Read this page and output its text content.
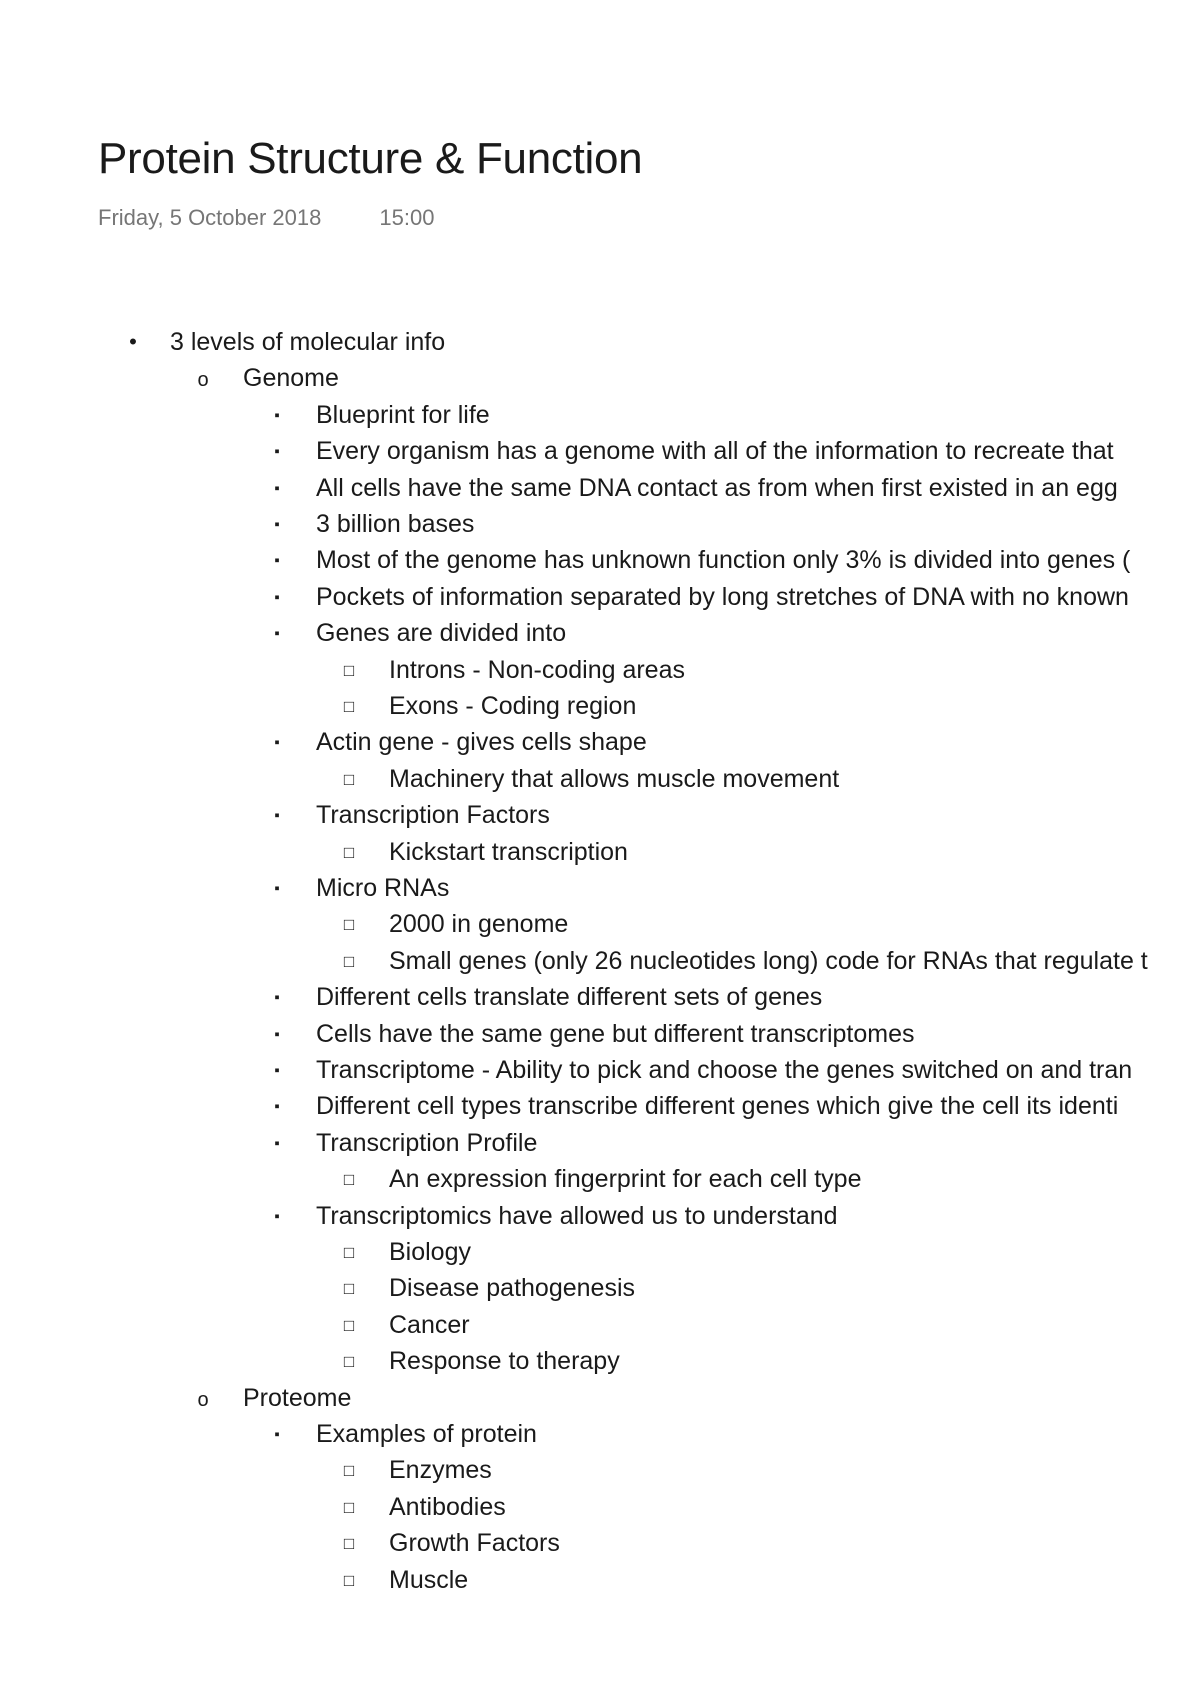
Protein Structure & Function
Friday, 5 October 2018	15:00
•	3 levels of molecular info
o	Genome
▪	Blueprint for life
▪	Every organism has a genome with all of the information to recreate that
▪	All cells have the same DNA contact as from when first existed in an egg
▪	3 billion bases
▪	Most of the genome has unknown function only 3% is divided into genes (
▪	Pockets of information separated by long stretches of DNA with no known
▪	Genes are divided into
□	Introns - Non-coding areas
□	Exons - Coding region
▪	Actin gene - gives cells shape
□	Machinery that allows muscle movement
▪	Transcription Factors
□	Kickstart transcription
▪	Micro RNAs
□	2000 in genome
□	Small genes (only 26 nucleotides long) code for RNAs that regulate t
▪	Different cells translate different sets of genes
▪	Cells have the same gene but different transcriptomes
▪	Transcriptome - Ability to pick and choose the genes switched on and tran
▪	Different cell types transcribe different genes which give the cell its identi
▪	Transcription Profile
□	An expression fingerprint for each cell type
▪	Transcriptomics have allowed us to understand
□	Biology
□	Disease pathogenesis
□	Cancer
□	Response to therapy
o	Proteome
▪	Examples of protein
□	Enzymes
□	Antibodies
□	Growth Factors
□	Muscle
